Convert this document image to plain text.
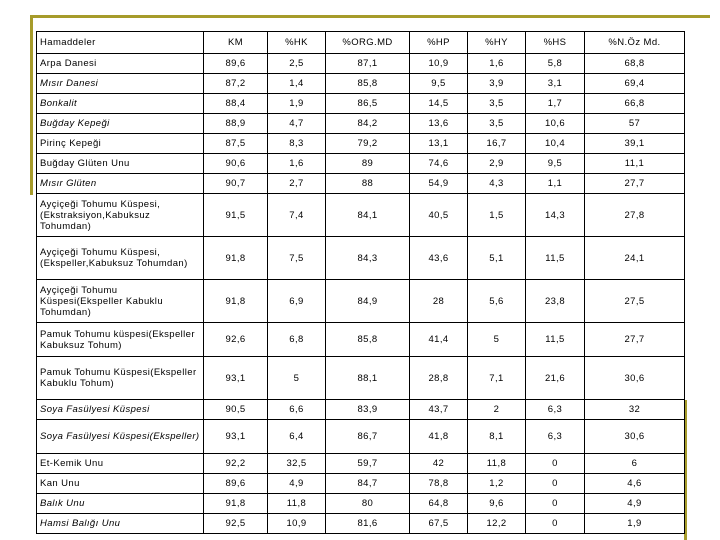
Hamaddeler	KM	%HK	%ORG.MD	%HP	%HY	%HS	%N.Öz Md.
Arpa Danesi	89,6	2,5	87,1	10,9	1,6	5,8	68,8
Mısır Danesi	87,2	1,4	85,8	9,5	3,9	3,1	69,4
Bonkalit	88,4	1,9	86,5	14,5	3,5	1,7	66,8
Buğday Kepeği	88,9	4,7	84,2	13,6	3,5	10,6	57
Pirinç Kepeği	87,5	8,3	79,2	13,1	16,7	10,4	39,1
Buğday Glüten Unu	90,6	1,6	89	74,6	2,9	9,5	11,1
Mısır Glüten	90,7	2,7	88	54,9	4,3	1,1	27,7
Ayçiçeği Tohumu Küspesi,(Ekstraksiyon,Kabuksuz Tohumdan)	91,5	7,4	84,1	40,5	1,5	14,3	27,8
Ayçiçeği Tohumu Küspesi,(Ekspeller,Kabuksuz Tohumdan)	91,8	7,5	84,3	43,6	5,1	11,5	24,1
Ayçiçeği Tohumu Küspesi(Ekspeller Kabuklu Tohumdan)	91,8	6,9	84,9	28	5,6	23,8	27,5
Pamuk Tohumu küspesi(Ekspeller Kabuksuz Tohum)	92,6	6,8	85,8	41,4	5	11,5	27,7
Pamuk Tohumu Küspesi(Ekspeller Kabuklu Tohum)	93,1	5	88,1	28,8	7,1	21,6	30,6
Soya Fasülyesi Küspesi	90,5	6,6	83,9	43,7	2	6,3	32
Soya Fasülyesi Küspesi(Ekspeller)	93,1	6,4	86,7	41,8	8,1	6,3	30,6
Et-Kemik Unu	92,2	32,5	59,7	42	11,8	0	6
Kan Unu	89,6	4,9	84,7	78,8	1,2	0	4,6
Balık Unu	91,8	11,8	80	64,8	9,6	0	4,9
Hamsi Balığı Unu	92,5	10,9	81,6	67,5	12,2	0	1,9
